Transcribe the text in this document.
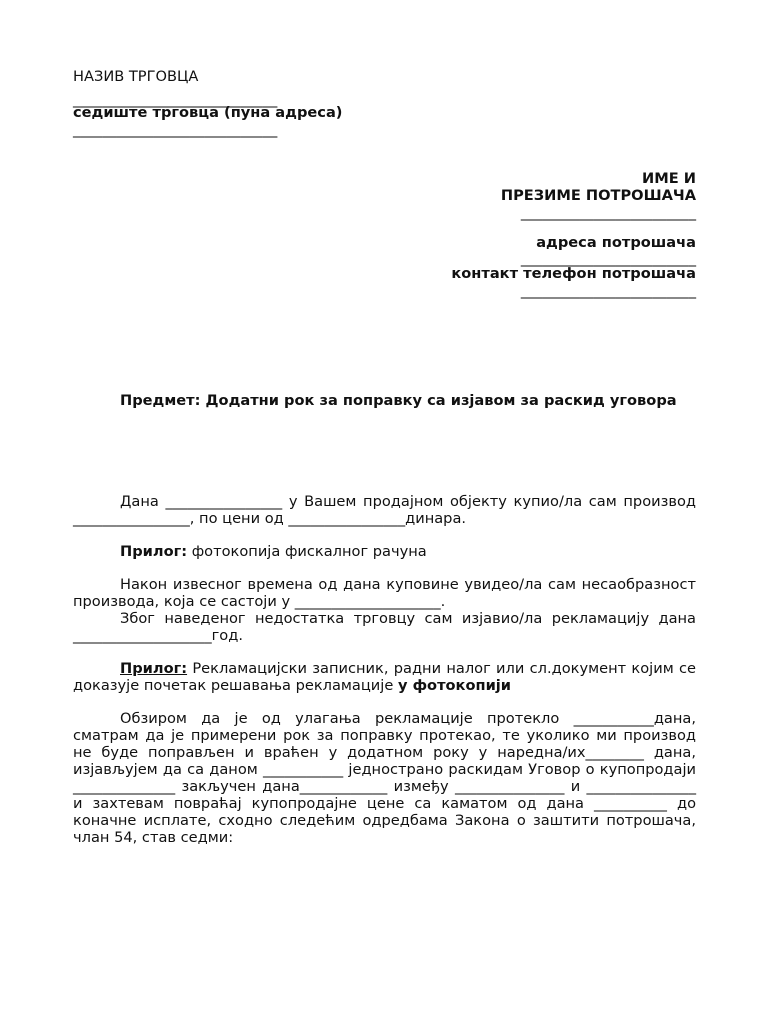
НАЗИВ ТРГОВЦА

____________________________

седиште трговца (пуна адреса)

____________________________

ИМЕ И

ПРЕЗИМЕ ПОТРОШАЧА

________________________

адреса потрошача

________________________

контакт телефон потрошача

________________________

Предмет: Додатни рок за поправку са изјавом за раскид уговора

Дана ________________ у Вашем продајном објекту купио/ла сам производ ________________, по цени од ________________динара.

Прилог: фотокопија фискалног рачуна

Након извесног времена од дана куповине увидео/ла сам несаобразност производа, која се састоји у ____________________.

Због наведеног недостатка трговцу сам изјавио/ла рекламацију дана ___________________год.

Прилог: Рекламацијски записник, радни налог или сл.документ којим се доказује почетак решавања рекламације у фотокопији

Обзиром да је од улагања рекламације протекло ___________дана, сматрам да је примерени рок за поправку протекао, те уколико ми производ не буде поправљен и враћен у додатном року у наредна/их________ дана, изјављујем да са даном ___________ једнострано раскидам Уговор о купопродаји ______________ закључен дана____________ између _______________ и _______________ и захтевам повраћај купопродајне цене са каматом од дана __________ до коначне исплате, сходно следећим одредбама Закона о заштити потрошача, члан 54, став седми:
